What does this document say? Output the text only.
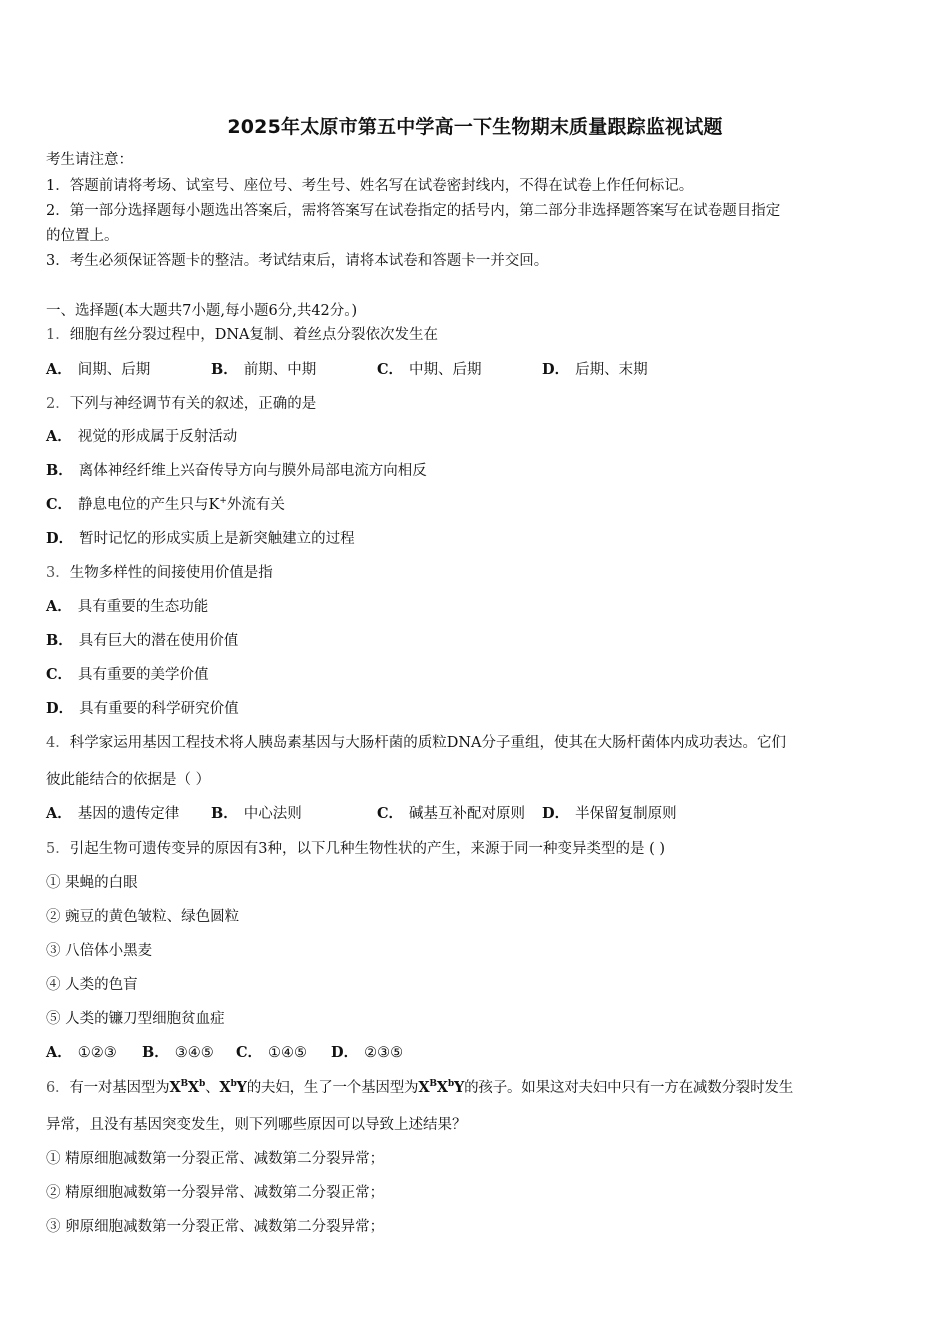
2025年太原市第五中学高一下生物期末质量跟踪监视试题
考生请注意：
1．答题前请将考场、试室号、座位号、考生号、姓名写在试卷密封线内，不得在试卷上作任何标记。
2．第一部分选择题每小题选出答案后，需将答案写在试卷指定的括号内，第二部分非选择题答案写在试卷题目指定
的位置上。
3．考生必须保证答题卡的整洁。考试结束后，请将本试卷和答题卡一并交回。
一、选择题(本大题共7小题,每小题6分,共42分。)
1．细胞有丝分裂过程中，DNA复制、着丝点分裂依次发生在
A． 间期、后期	B． 前期、中期	C． 中期、后期	D． 后期、末期
2．下列与神经调节有关的叙述，正确的是
A． 视觉的形成属于反射活动
B． 离体神经纤维上兴奋传导方向与膜外局部电流方向相反
C． 静息电位的产生只与K+外流有关
D． 暂时记忆的形成实质上是新突触建立的过程
3．生物多样性的间接使用价值是指
A． 具有重要的生态功能
B． 具有巨大的潜在使用价值
C． 具有重要的美学价值
D． 具有重要的科学研究价值
4．科学家运用基因工程技术将人胰岛素基因与大肠杆菌的质粒DNA分子重组，使其在大肠杆菌体内成功表达。它们
彼此能结合的依据是（ ）
A． 基因的遗传定律 B． 中心法则	C． 碱基互补配对原则 D． 半保留复制原则
5．引起生物可遗传变异的原因有3种，以下几种生物性状的产生，来源于同一种变异类型的是 ( )
① 果蝇的白眼
② 豌豆的黄色皱粒、绿色圆粒
③ 八倍体小黑麦
④ 人类的色盲
⑤ 人类的镰刀型细胞贫血症
A． ①②③ B． ③④⑤ C． ①④⑤ D． ②③⑤
6．有一对基因型为$X^BX^b$、$X^bY$的夫妇，生了一个基因型为$X^BX^bY$的孩子。如果这对夫妇中只有一方在减数分裂时发生
异常，且没有基因突变发生，则下列哪些原因可以导致上述结果？
① 精原细胞减数第一分裂正常、减数第二分裂异常；
② 精原细胞减数第一分裂异常、减数第二分裂正常；
③ 卵原细胞减数第一分裂正常、减数第二分裂异常；
